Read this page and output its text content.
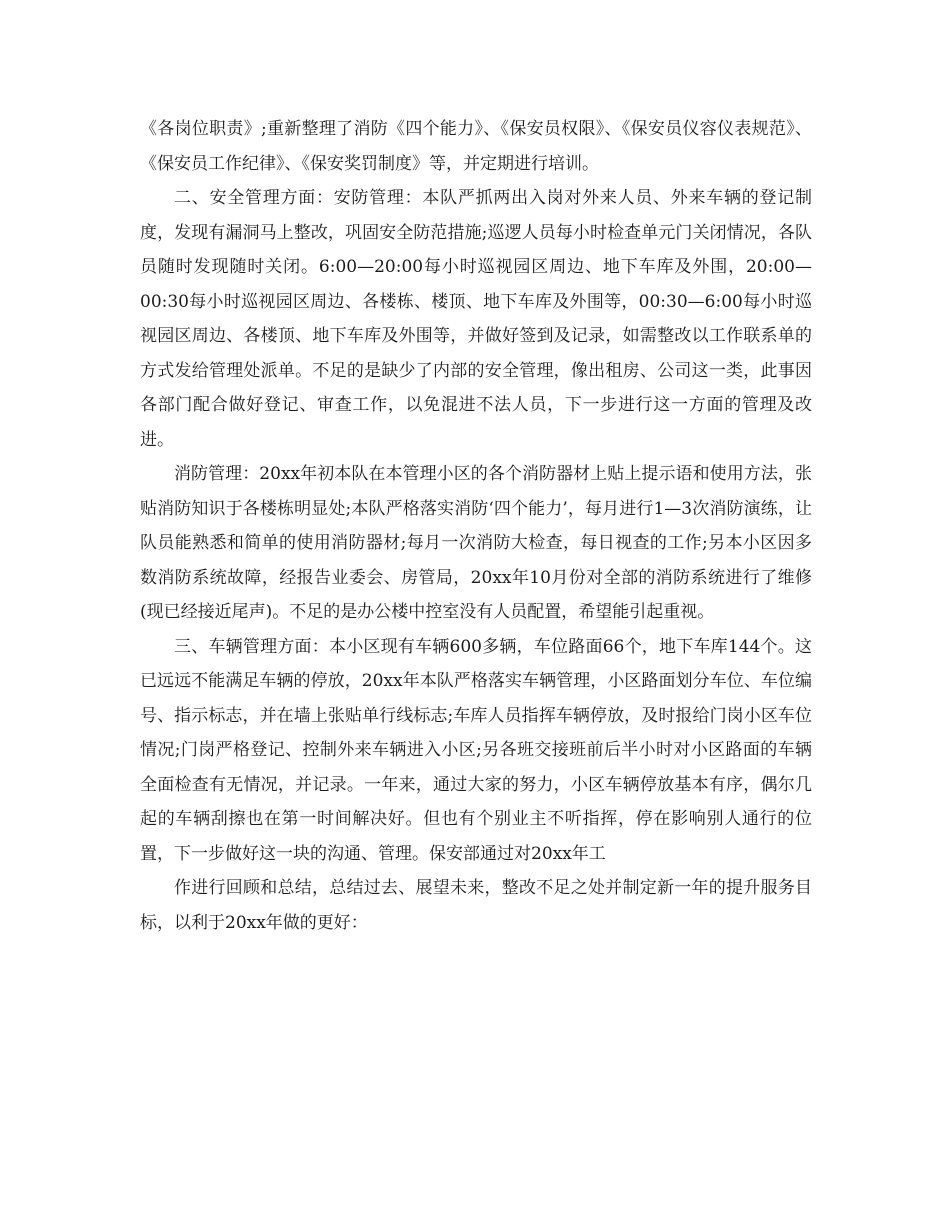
《各岗位职责》;重新整理了消防《四个能力》、《保安员权限》、《保安员仪容仪表规范》、《保安员工作纪律》、《保安奖罚制度》等，并定期进行培训。

二、安全管理方面：安防管理：本队严抓两出入岗对外来人员、外来车辆的登记制度，发现有漏洞马上整改，巩固安全防范措施;巡逻人员每小时检查单元门关闭情况，各队员随时发现随时关闭。6:00—20:00每小时巡视园区周边、地下车库及外围，20:00—00:30每小时巡视园区周边、各楼栋、楼顶、地下车库及外围等，00:30—6:00每小时巡视园区周边、各楼顶、地下车库及外围等，并做好签到及记录，如需整改以工作联系单的方式发给管理处派单。不足的是缺少了内部的安全管理，像出租房、公司这一类，此事因各部门配合做好登记、审查工作，以免混进不法人员，下一步进行这一方面的管理及改进。

消防管理：20xx年初本队在本管理小区的各个消防器材上贴上提示语和使用方法，张贴消防知识于各楼栋明显处;本队严格落实消防‘四个能力’，每月进行1—3次消防演练，让队员能熟悉和简单的使用消防器材;每月一次消防大检查，每日视查的工作;另本小区因多数消防系统故障，经报告业委会、房管局，20xx年10月份对全部的消防系统进行了维修(现已经接近尾声)。不足的是办公楼中控室没有人员配置，希望能引起重视。

三、车辆管理方面：本小区现有车辆600多辆，车位路面66个，地下车库144个。这已远远不能满足车辆的停放，20xx年本队严格落实车辆管理，小区路面划分车位、车位编号、指示标志，并在墙上张贴单行线标志;车库人员指挥车辆停放，及时报给门岗小区车位情况;门岗严格登记、控制外来车辆进入小区;另各班交接班前后半小时对小区路面的车辆全面检查有无情况，并记录。一年来，通过大家的努力，小区车辆停放基本有序，偶尔几起的车辆刮擦也在第一时间解决好。但也有个别业主不听指挥，停在影响别人通行的位置，下一步做好这一块的沟通、管理。保安部通过对20xx年工

作进行回顾和总结，总结过去、展望未来，整改不足之处并制定新一年的提升服务目标，以利于20xx年做的更好：
